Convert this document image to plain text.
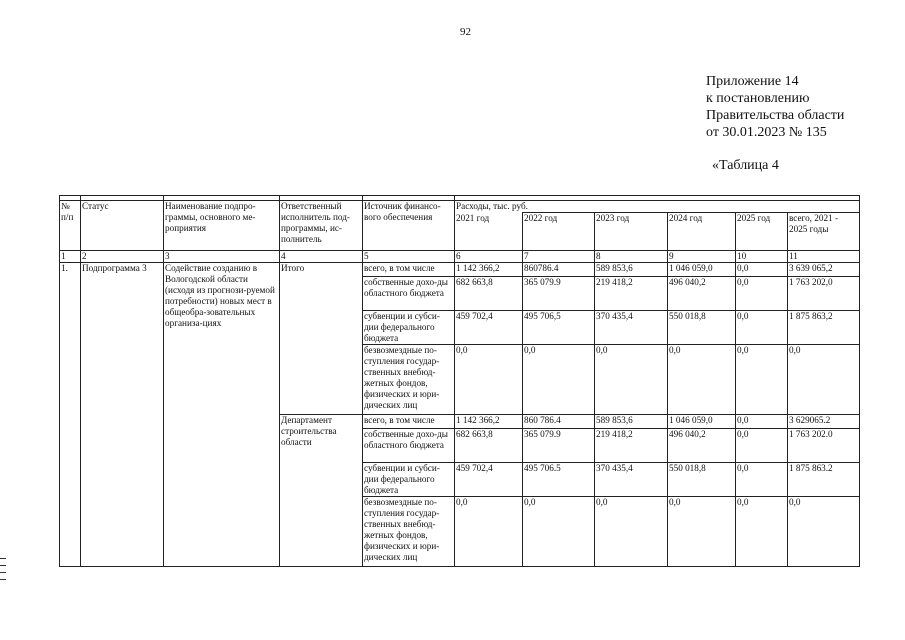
92
Приложение 14
к постановлению
Правительства области
от 30.01.2023 № 135
«Таблица 4

№ п/п	Статус	Наименование подпро-граммы, основного ме-роприятия	Ответственный исполнитель под-программы, ис-полнитель	Источник финансо-вого обеспечения	Расходы, тыс. руб.					
					2021 год	2022 год	2023 год	2024 год	2025 год	всего, 2021 - 2025 годы
1	2	3	4	5	6	7	8	9	10	11
1.	Подпрограмма 3	Содействие созданию в Вологодской области (исходя из прогнози-руемой потребности) новых мест в общеобра-зовательных организа-циях	Итого	всего, в том числе	1 142 366,2	860786.4	589 853,6	1 046 059,0	0,0	3 639 065,2
				собственные дохо-ды областного бюджета	682 663,8	365 079.9	219 418,2	496 040,2	0,0	1 763 202,0
				субвенции и субси-дии федерального бюджета	459 702,4	495 706,5	370 435,4	550 018,8	0,0	1 875 863,2
				безвозмездные по-ступления государ-ственных внебюд-жетных фондов, физических и юри-дических лиц	0,0	0,0	0,0	0,0	0,0	0,0
			Департамент строительства области	всего, в том числе	1 142 366,2	860 786.4	589 853,6	1 046 059,0	0,0	3 629065.2
				собственные дохо-ды областного бюджета	682 663,8	365 079.9	219 418,2	496 040,2	0,0	1 763 202.0
				субвенции и субси-дии федерального бюджета	459 702,4	495 706.5	370 435,4	550 018,8	0,0	1 875 863.2
				безвозмездные по-ступления государ-ственных внебюд-жетных фондов, физических и юри-дических лиц	0,0	0,0	0,0	0,0	0,0	0,0
